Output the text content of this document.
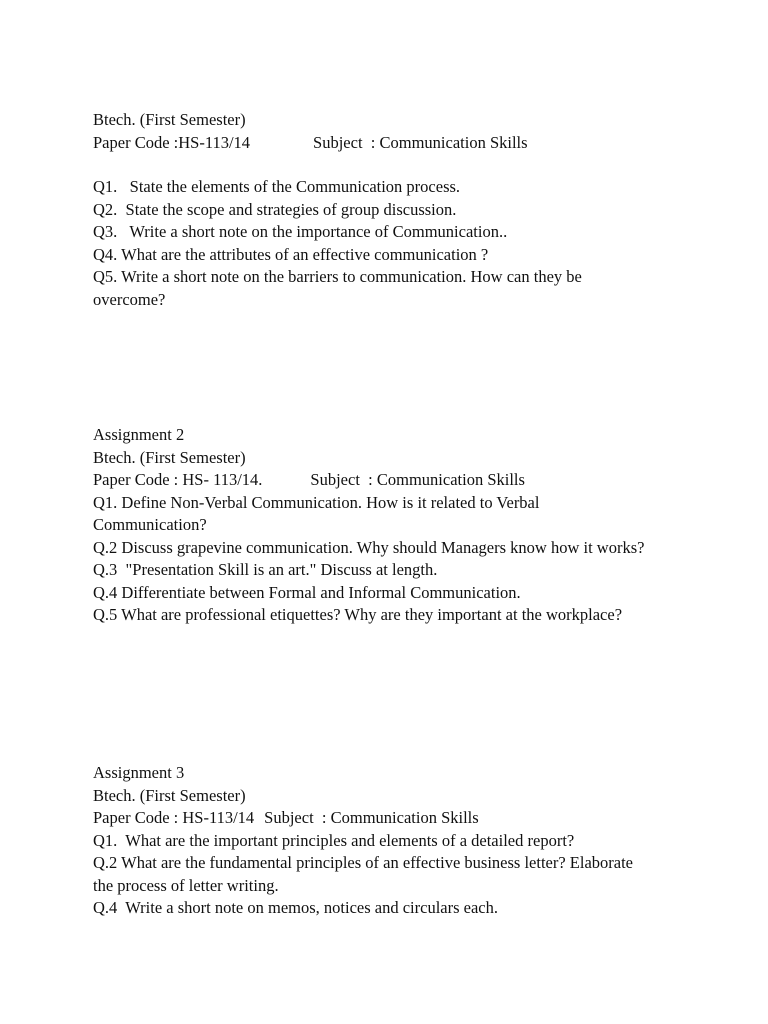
Btech. (First Semester)

Paper Code :HS-113/14	Subject  : Communication Skills

Q1.   State the elements of the Communication process.

Q2.  State the scope and strategies of group discussion.

Q3.   Write a short note on the importance of Communication..

Q4. What are the attributes of an effective communication ?

Q5. Write a short note on the barriers to communication. How can they be overcome?

Assignment 2

Btech. (First Semester)

Paper Code : HS- 113/14.	Subject  : Communication Skills

Q1. Define Non-Verbal Communication. How is it related to Verbal Communication?

Q.2 Discuss grapevine communication. Why should Managers know how it works?

Q.3  "Presentation Skill is an art." Discuss at length.

Q.4 Differentiate between Formal and Informal Communication.

Q.5 What are professional etiquettes? Why are they important at the workplace?

Assignment 3

Btech. (First Semester)

Paper Code : HS-113/14 Subject  : Communication Skills

Q1.  What are the important principles and elements of a detailed report?

Q.2 What are the fundamental principles of an effective business letter? Elaborate the process of letter writing.

Q.4  Write a short note on memos, notices and circulars each.
